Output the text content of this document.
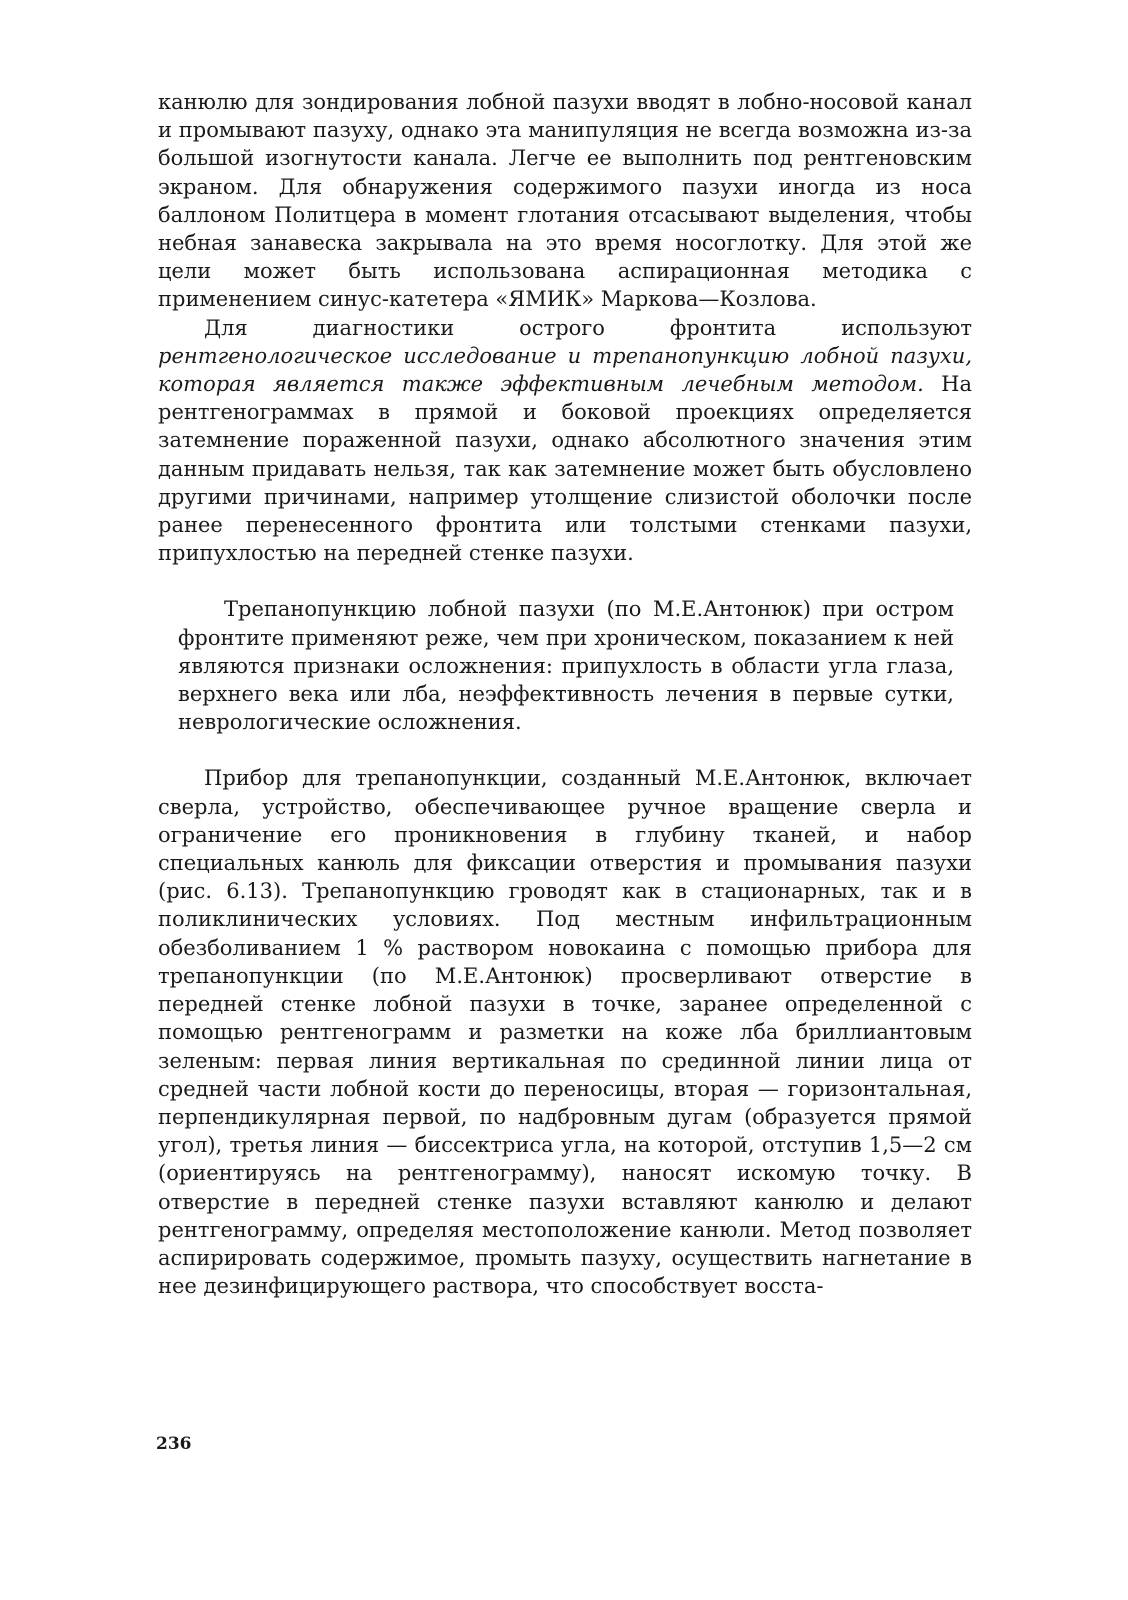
канюлю для зондирования лобной пазухи вводят в лобно-носовой канал и промывают пазуху, однако эта манипуляция не всегда возможна из-за большой изогнутости канала. Легче ее выполнить под рентгеновским экраном. Для обнаружения содержимого пазухи иногда из носа баллоном Политцера в момент глотания отсасывают выделения, чтобы небная занавеска закрывала на это время носоглотку. Для этой же цели может быть использована аспирационная методика с применением синус-катетера «ЯМИК» Маркова—Козлова.

Для диагностики острого фронтита используют рентгенологическое исследование и трепанопункцию лобной пазухи, которая является также эффективным лечебным методом. На рентгенограммах в прямой и боковой проекциях определяется затемнение пораженной пазухи, однако абсолютного значения этим данным придавать нельзя, так как затемнение может быть обусловлено другими причинами, например утолщение слизистой оболочки после ранее перенесенного фронтита или толстыми стенками пазухи, припухлостью на передней стенке пазухи.

Трепанопункцию лобной пазухи (по М.Е.Антонюк) при остром фронтите применяют реже, чем при хроническом, показанием к ней являются признаки осложнения: припухлость в области угла глаза, верхнего века или лба, неэффективность лечения в первые сутки, неврологические осложнения.

Прибор для трепанопункции, созданный М.Е.Антонюк, включает сверла, устройство, обеспечивающее ручное вращение сверла и ограничение его проникновения в глубину тканей, и набор специальных канюль для фиксации отверстия и промывания пазухи (рис. 6.13). Трепанопункцию гроводят как в стационарных, так и в поликлинических условиях. Под местным инфильтрационным обезболиванием 1 % раствором новокаина с помощью прибора для трепанопункции (по М.Е.Антонюк) просверливают отверстие в передней стенке лобной пазухи в точке, заранее определенной с помощью рентгенограмм и разметки на коже лба бриллиантовым зеленым: первая линия вертикальная по срединной линии лица от средней части лобной кости до переносицы, вторая — горизонтальная, перпендикулярная первой, по надбровным дугам (образуется прямой угол), третья линия — биссектриса угла, на которой, отступив 1,5—2 см (ориентируясь на рентгенограмму), наносят искомую точку. В отверстие в передней стенке пазухи вставляют канюлю и делают рентгенограмму, определяя местоположение канюли. Метод позволяет аспирировать содержимое, промыть пазуху, осуществить нагнетание в нее дезинфицирующего раствора, что способствует восста-

236
